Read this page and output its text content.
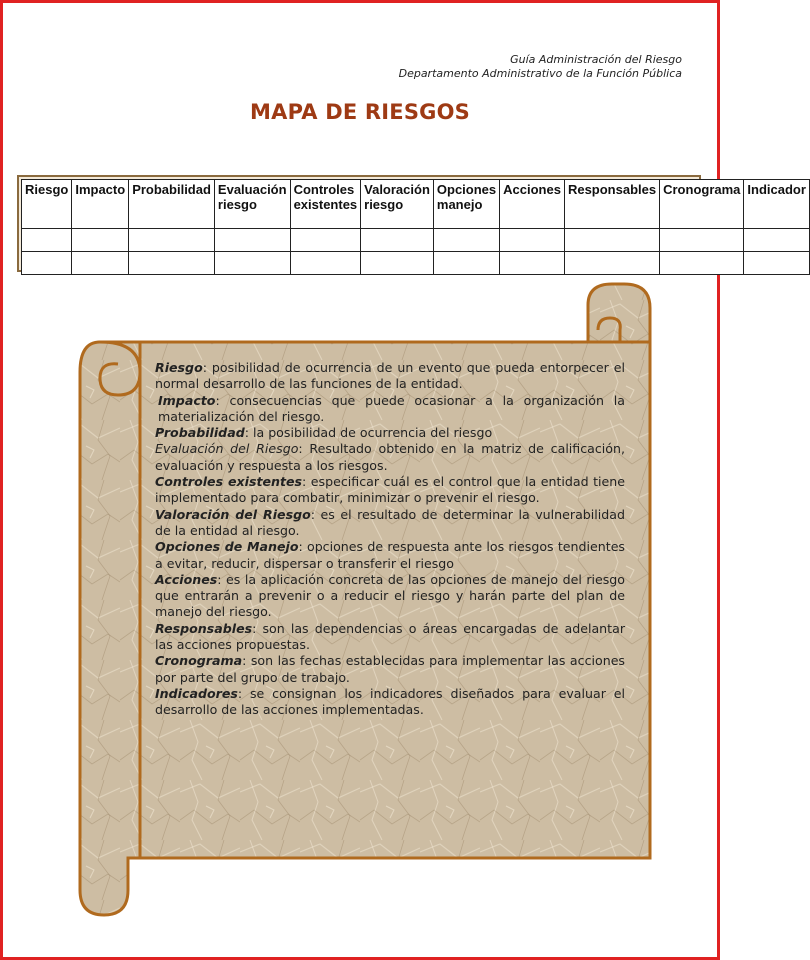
Guía Administración del Riesgo
Departamento Administrativo de la Función Pública
MAPA DE RIESGOS
Riesgo	Impacto	Probabilidad	Evaluación riesgo	Controles existentes	Valoración riesgo	Opciones manejo	Acciones	Responsables	Cronograma	Indicador

Riesgo: posibilidad de ocurrencia de un evento que pueda entorpecer el normal desarrollo de las funciones de la entidad.

Impacto: consecuencias que puede ocasionar a la organización la materialización del riesgo.

Probabilidad: la posibilidad de ocurrencia del riesgo

Evaluación del Riesgo: Resultado obtenido en la matriz de calificación, evaluación y respuesta a los riesgos.

Controles existentes: especificar cuál es el control que la entidad tiene implementado para combatir, minimizar o prevenir el riesgo.

Valoración del Riesgo: es el resultado de determinar la vulnerabilidad de la entidad al riesgo.

Opciones de Manejo: opciones de respuesta ante los riesgos tendientes a evitar, reducir, dispersar o transferir el riesgo

Acciones: es la aplicación concreta de las opciones de manejo del riesgo que entrarán a prevenir o a reducir el riesgo y harán parte del plan de manejo del riesgo.

Responsables: son las dependencias o áreas encargadas de adelantar las acciones propuestas.

Cronograma: son las fechas establecidas para implementar las acciones por parte del grupo de trabajo.

Indicadores: se consignan los indicadores diseñados para evaluar el desarrollo de las acciones implementadas.
